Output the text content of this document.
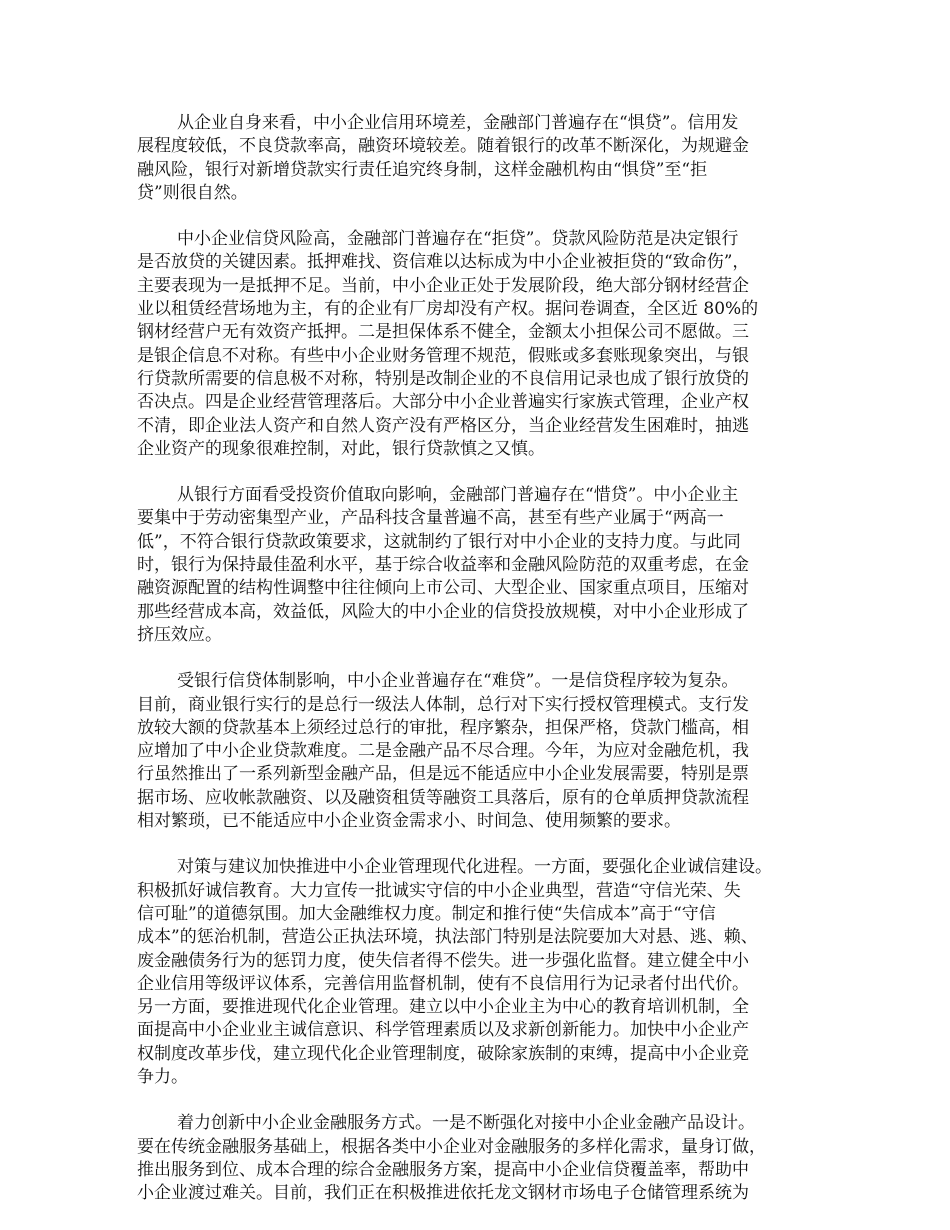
从企业自身来看，中小企业信用环境差，金融部门普遍存在“惧贷”。信用发
展程度较低，不良贷款率高，融资环境较差。随着银行的改革不断深化，为规避金
融风险，银行对新增贷款实行责任追究终身制，这样金融机构由“惧贷”至“拒
贷”则很自然。
中小企业信贷风险高，金融部门普遍存在“拒贷”。贷款风险防范是决定银行
是否放贷的关键因素。抵押难找、资信难以达标成为中小企业被拒贷的“致命伤”，
主要表现为一是抵押不足。当前，中小企业正处于发展阶段，绝大部分钢材经营企
业以租赁经营场地为主，有的企业有厂房却没有产权。据问卷调查，全区近 80%的
钢材经营户无有效资产抵押。二是担保体系不健全，金额太小担保公司不愿做。三
是银企信息不对称。有些中小企业财务管理不规范，假账或多套账现象突出，与银
行贷款所需要的信息极不对称，特别是改制企业的不良信用记录也成了银行放贷的
否决点。四是企业经营管理落后。大部分中小企业普遍实行家族式管理，企业产权
不清，即企业法人资产和自然人资产没有严格区分，当企业经营发生困难时，抽逃
企业资产的现象很难控制，对此，银行贷款慎之又慎。
从银行方面看受投资价值取向影响，金融部门普遍存在“惜贷”。中小企业主
要集中于劳动密集型产业，产品科技含量普遍不高，甚至有些产业属于“两高一
低”，不符合银行贷款政策要求，这就制约了银行对中小企业的支持力度。与此同
时，银行为保持最佳盈利水平，基于综合收益率和金融风险防范的双重考虑，在金
融资源配置的结构性调整中往往倾向上市公司、大型企业、国家重点项目，压缩对
那些经营成本高，效益低，风险大的中小企业的信贷投放规模，对中小企业形成了
挤压效应。
受银行信贷体制影响，中小企业普遍存在“难贷”。一是信贷程序较为复杂。
目前，商业银行实行的是总行一级法人体制，总行对下实行授权管理模式。支行发
放较大额的贷款基本上须经过总行的审批，程序繁杂，担保严格，贷款门槛高，相
应增加了中小企业贷款难度。二是金融产品不尽合理。今年，为应对金融危机，我
行虽然推出了一系列新型金融产品，但是远不能适应中小企业发展需要，特别是票
据市场、应收帐款融资、以及融资租赁等融资工具落后，原有的仓单质押贷款流程
相对繁琐，已不能适应中小企业资金需求小、时间急、使用频繁的要求。
对策与建议加快推进中小企业管理现代化进程。一方面，要强化企业诚信建设。
积极抓好诚信教育。大力宣传一批诚实守信的中小企业典型，营造“守信光荣、失
信可耻”的道德氛围。加大金融维权力度。制定和推行使“失信成本”高于“守信
成本”的惩治机制，营造公正执法环境，执法部门特别是法院要加大对悬、逃、赖、
废金融债务行为的惩罚力度，使失信者得不偿失。进一步强化监督。建立健全中小
企业信用等级评议体系，完善信用监督机制，使有不良信用行为记录者付出代价。
另一方面，要推进现代化企业管理。建立以中小企业主为中心的教育培训机制，全
面提高中小企业业主诚信意识、科学管理素质以及求新创新能力。加快中小企业产
权制度改革步伐，建立现代化企业管理制度，破除家族制的束缚，提高中小企业竞
争力。
着力创新中小企业金融服务方式。一是不断强化对接中小企业金融产品设计。
要在传统金融服务基础上，根据各类中小企业对金融服务的多样化需求，量身订做，
推出服务到位、成本合理的综合金融服务方案，提高中小企业信贷覆盖率，帮助中
小企业渡过难关。目前，我们正在积极推进依托龙文钢材市场电子仓储管理系统为
